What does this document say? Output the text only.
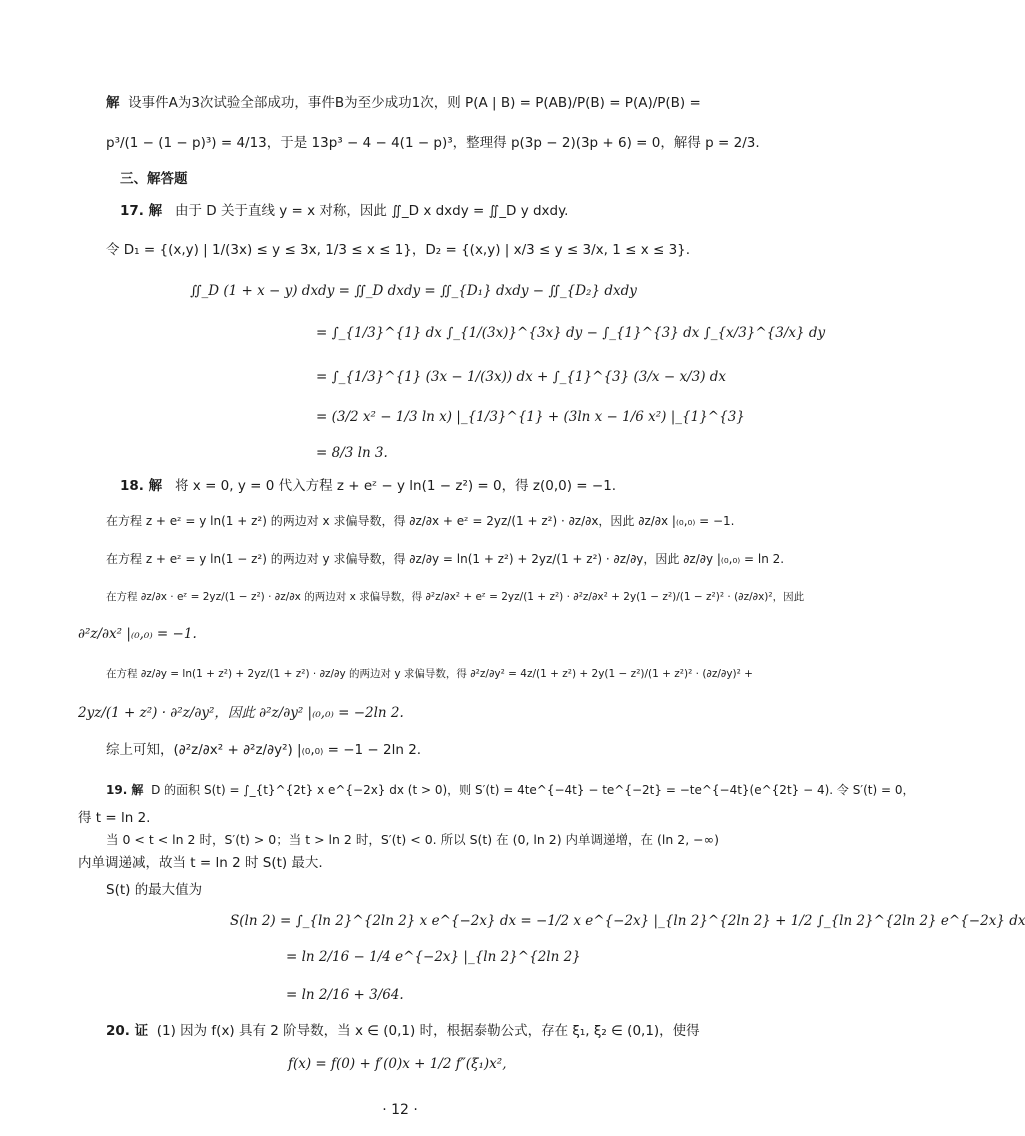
解 设事件A为3次试验全部成功，事件B为至少成功1次，则 P(A | B) = P(AB)/P(B) = P(A)/P(B) =
p³/(1 − (1 − p)³) = 4/13，于是 13p³ − 4 − 4(1 − p)³，整理得 p(3p − 2)(3p + 6) = 0，解得 p = 2/3.
三、解答题
17. 解 由于 D 关于直线 y = x 对称，因此 ∬_D x dxdy = ∬_D y dxdy.
令 D₁ = {(x,y) | 1/(3x) ≤ y ≤ 3x, 1/3 ≤ x ≤ 1}，D₂ = {(x,y) | x/3 ≤ y ≤ 3/x, 1 ≤ x ≤ 3}.
∬_D (1 + x − y) dxdy = ∬_D dxdy = ∬_{D₁} dxdy − ∬_{D₂} dxdy
= ∫_{1/3}^{1} dx ∫_{1/(3x)}^{3x} dy − ∫_{1}^{3} dx ∫_{x/3}^{3/x} dy
= ∫_{1/3}^{1} (3x − 1/(3x)) dx + ∫_{1}^{3} (3/x − x/3) dx
= (3/2 x² − 1/3 ln x) |_{1/3}^{1} + (3ln x − 1/6 x²) |_{1}^{3}
= 8/3 ln 3.
18. 解 将 x = 0, y = 0 代入方程 z + eᶻ − y ln(1 − z²) = 0，得 z(0,0) = −1.
在方程 z + eᶻ = y ln(1 + z²) 的两边对 x 求偏导数，得 ∂z/∂x + eᶻ = 2yz/(1 + z²) · ∂z/∂x，因此 ∂z/∂x |₍₀,₀₎ = −1.
在方程 z + eᶻ = y ln(1 − z²) 的两边对 y 求偏导数，得 ∂z/∂y = ln(1 + z²) + 2yz/(1 + z²) · ∂z/∂y，因此 ∂z/∂y |₍₀,₀₎ = ln 2.
在方程 ∂z/∂x · eᶻ = 2yz/(1 − z²) · ∂z/∂x 的两边对 x 求偏导数，得 ∂²z/∂x² + eᶻ = 2yz/(1 + z²) · ∂²z/∂x² + 2y(1 − z²)/(1 − z²)² · (∂z/∂x)²，因此
∂²z/∂x² |₍₀,₀₎ = −1.
在方程 ∂z/∂y = ln(1 + z²) + 2yz/(1 + z²) · ∂z/∂y 的两边对 y 求偏导数，得 ∂²z/∂y² = 4z/(1 + z²) + 2y(1 − z²)/(1 + z²)² · (∂z/∂y)² +
2yz/(1 + z²) · ∂²z/∂y²，因此 ∂²z/∂y² |₍₀,₀₎ = −2ln 2.
综上可知，(∂²z/∂x² + ∂²z/∂y²) |₍₀,₀₎ = −1 − 2ln 2.
19. 解 D 的面积 S(t) = ∫_{t}^{2t} x e^{−2x} dx (t > 0)，则 S′(t) = 4te^{−4t} − te^{−2t} = −te^{−4t}(e^{2t} − 4). 令 S′(t) = 0，
得 t = ln 2.
当 0 < t < ln 2 时，S′(t) > 0；当 t > ln 2 时，S′(t) < 0. 所以 S(t) 在 (0, ln 2) 内单调递增，在 (ln 2, −∞)
内单调递减，故当 t = ln 2 时 S(t) 最大.
S(t) 的最大值为
S(ln 2) = ∫_{ln 2}^{2ln 2} x e^{−2x} dx = −1/2 x e^{−2x} |_{ln 2}^{2ln 2} + 1/2 ∫_{ln 2}^{2ln 2} e^{−2x} dx
= ln 2/16 − 1/4 e^{−2x} |_{ln 2}^{2ln 2}
= ln 2/16 + 3/64.
20. 证 (1) 因为 f(x) 具有 2 阶导数，当 x ∈ (0,1) 时，根据泰勒公式，存在 ξ₁, ξ₂ ∈ (0,1)，使得
f(x) = f(0) + f′(0)x + 1/2 f″(ξ₁)x²,
· 12 ·
